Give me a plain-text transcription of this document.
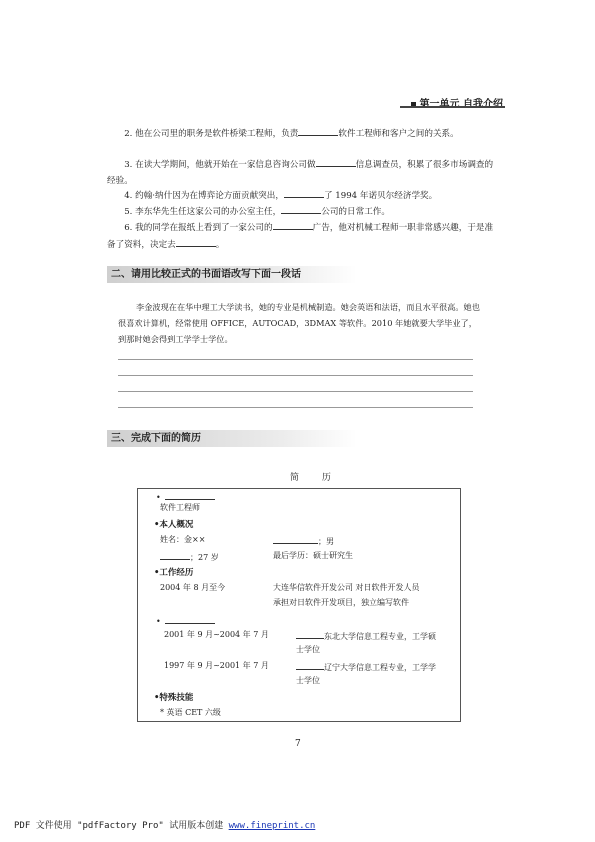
第一单元 自我介绍

2. 他在公司里的职务是软件桥梁工程师，负责	软件工程师和客户之间的关系。

3. 在读大学期间，他就开始在一家信息咨询公司做	信息调查员，积累了很多市场调查的经验。

4. 约翰·纳什因为在博弈论方面贡献突出，	了 1994 年诺贝尔经济学奖。

5. 李东华先生任这家公司的办公室主任，	公司的日常工作。

6. 我的同学在报纸上看到了一家公司的	广告，他对机械工程师一职非常感兴趣，于是准备了资料，决定去	。

二、请用比较正式的书面语改写下面一段话

李金波现在在华中理工大学读书，她的专业是机械制造。她会英语和法语，而且水平很高。她也很喜欢计算机，经常使用 OFFICE，AUTOCAD，3DMAX 等软件。2010 年她就要大学毕业了，到那时她会得到工学学士学位。

三、完成下面的简历
简 历
•
软件工程师
•本人概况
姓名：金××	；男
；27 岁	最后学历：硕士研究生
•工作经历
2004 年 8 月至今	大连华信软件开发公司 对日软件开发人员
承担对日软件开发项目，独立编写软件
•
2001 年 9 月~2004 年 7 月	东北大学信息工程专业，工学硕
士学位
1997 年 9 月~2001 年 7 月	辽宁大学信息工程专业，工学学
士学位
•特殊技能
* 英语 CET 六级
7
PDF 文件使用 "pdfFactory Pro" 试用版本创建 www.fineprint.cn
